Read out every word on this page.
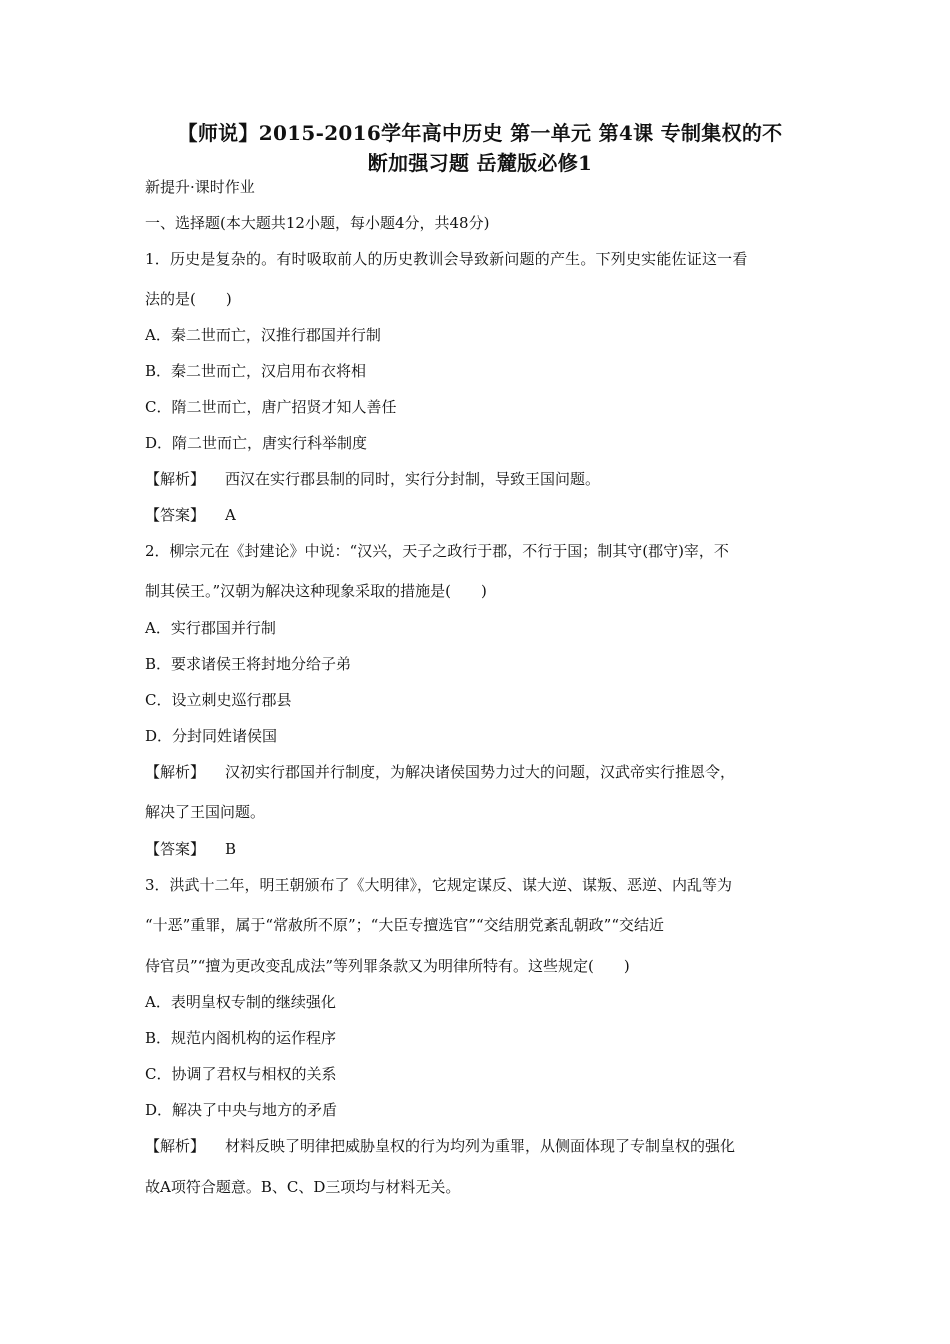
【师说】2015-2016学年高中历史 第一单元 第4课 专制集权的不
断加强习题 岳麓版必修1
新提升·课时作业
一、选择题(本大题共12小题，每小题4分，共48分)
1．历史是复杂的。有时吸取前人的历史教训会导致新问题的产生。下列史实能佐证这一看
法的是(　　)
A．秦二世而亡，汉推行郡国并行制
B．秦二世而亡，汉启用布衣将相
C．隋二世而亡，唐广招贤才知人善任
D．隋二世而亡，唐实行科举制度
【解析】 西汉在实行郡县制的同时，实行分封制，导致王国问题。
【答案】 A
2．柳宗元在《封建论》中说：“汉兴，天子之政行于郡，不行于国；制其守(郡守)宰，不
制其侯王。”汉朝为解决这种现象采取的措施是(　　)
A．实行郡国并行制
B．要求诸侯王将封地分给子弟
C．设立刺史巡行郡县
D．分封同姓诸侯国
【解析】 汉初实行郡国并行制度，为解决诸侯国势力过大的问题，汉武帝实行推恩令，
解决了王国问题。
【答案】 B
3．洪武十二年，明王朝颁布了《大明律》，它规定谋反、谋大逆、谋叛、恶逆、内乱等为
“十恶”重罪，属于“常赦所不原”；“大臣专擅选官”“交结朋党紊乱朝政”“交结近
侍官员”“擅为更改变乱成法”等列罪条款又为明律所特有。这些规定(　　)
A．表明皇权专制的继续强化
B．规范内阁机构的运作程序
C．协调了君权与相权的关系
D．解决了中央与地方的矛盾
【解析】 材料反映了明律把威胁皇权的行为均列为重罪，从侧面体现了专制皇权的强化
故A项符合题意。B、C、D三项均与材料无关。
